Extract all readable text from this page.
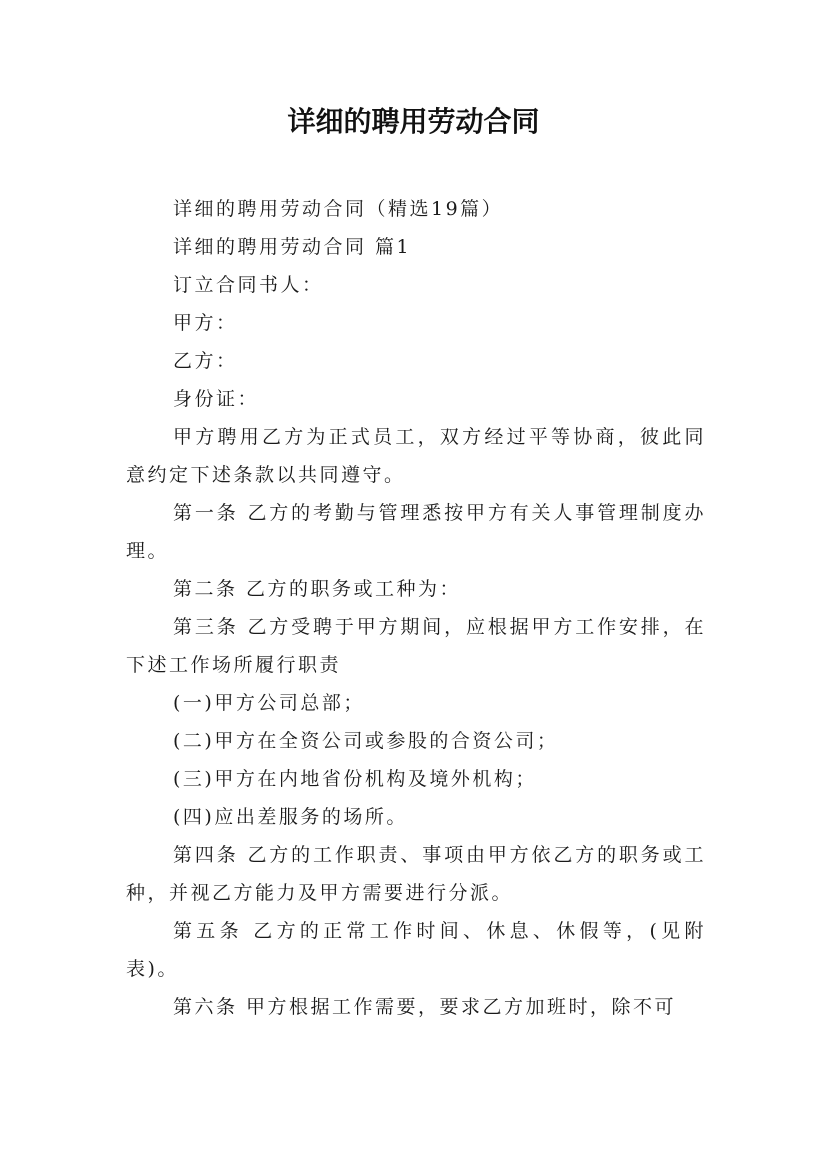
详细的聘用劳动合同

详细的聘用劳动合同（精选19篇）

详细的聘用劳动合同 篇1

订立合同书人：

甲方：

乙方：

身份证：

甲方聘用乙方为正式员工，双方经过平等协商，彼此同意约定下述条款以共同遵守。

第一条 乙方的考勤与管理悉按甲方有关人事管理制度办理。

第二条 乙方的职务或工种为：

第三条 乙方受聘于甲方期间，应根据甲方工作安排，在下述工作场所履行职责

(一)甲方公司总部；

(二)甲方在全资公司或参股的合资公司；

(三)甲方在内地省份机构及境外机构；

(四)应出差服务的场所。

第四条 乙方的工作职责、事项由甲方依乙方的职务或工种，并视乙方能力及甲方需要进行分派。

第五条 乙方的正常工作时间、休息、休假等，(见附表)。

第六条 甲方根据工作需要，要求乙方加班时，除不可
